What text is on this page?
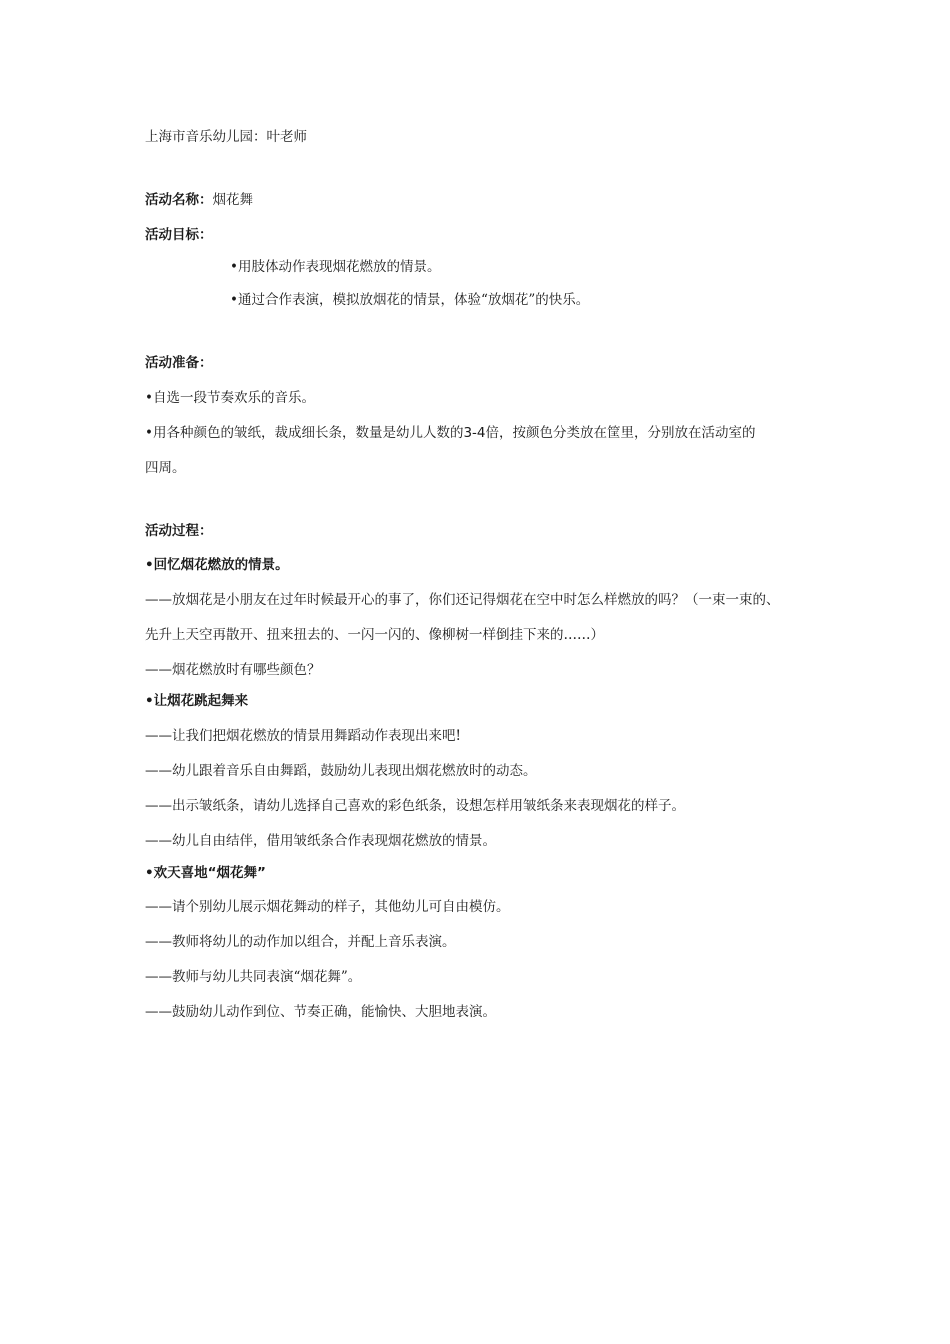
上海市音乐幼儿园：叶老师
活动名称：烟花舞
活动目标：
•用肢体动作表现烟花燃放的情景。
•通过合作表演，模拟放烟花的情景，体验“放烟花”的快乐。
活动准备：
•自选一段节奏欢乐的音乐。
•用各种颜色的皱纸，裁成细长条，数量是幼儿人数的3-4倍，按颜色分类放在筐里，分别放在活动室的
四周。
活动过程：
•回忆烟花燃放的情景。
——放烟花是小朋友在过年时候最开心的事了，你们还记得烟花在空中时怎么样燃放的吗？（一束一束的、
先升上天空再散开、扭来扭去的、一闪一闪的、像柳树一样倒挂下来的……）
——烟花燃放时有哪些颜色？
•让烟花跳起舞来
——让我们把烟花燃放的情景用舞蹈动作表现出来吧!
——幼儿跟着音乐自由舞蹈，鼓励幼儿表现出烟花燃放时的动态。
——出示皱纸条，请幼儿选择自己喜欢的彩色纸条，设想怎样用皱纸条来表现烟花的样子。
——幼儿自由结伴，借用皱纸条合作表现烟花燃放的情景。
•欢天喜地“烟花舞”
——请个别幼儿展示烟花舞动的样子，其他幼儿可自由模仿。
——教师将幼儿的动作加以组合，并配上音乐表演。
——教师与幼儿共同表演“烟花舞”。
——鼓励幼儿动作到位、节奏正确，能愉快、大胆地表演。
